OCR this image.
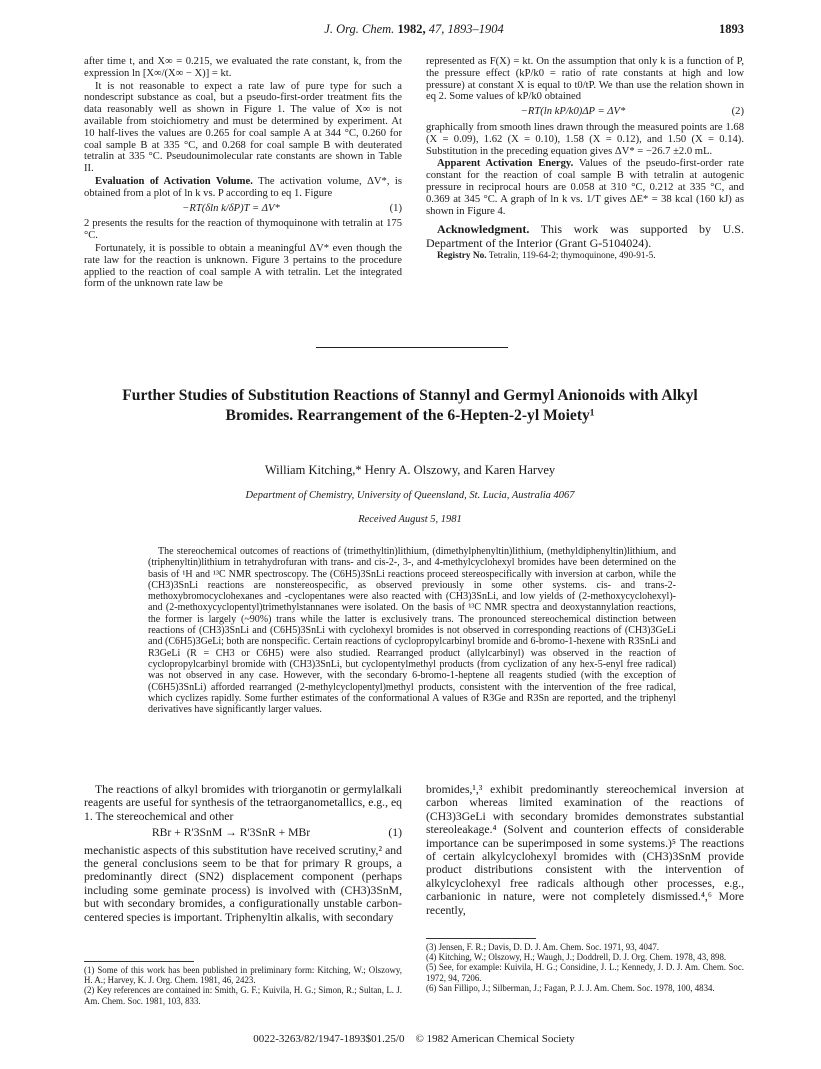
J. Org. Chem. 1982, 47, 1893–1904	1893

after time t, and X∞ = 0.215, we evaluated the rate constant, k, from the expression ln [X∞/(X∞ − X)] = kt.

It is not reasonable to expect a rate law of pure type for such a nondescript substance as coal, but a pseudo-first-order treatment fits the data reasonably well as shown in Figure 1. The value of X∞ is not available from stoichiometry and must be determined by experiment. At 10 half-lives the values are 0.265 for coal sample A at 344 °C, 0.260 for coal sample B at 335 °C, and 0.268 for coal sample B with deuterated tetralin at 335 °C. Pseudounimolecular rate constants are shown in Table II.

Evaluation of Activation Volume. The activation volume, ΔV*, is obtained from a plot of ln k vs. P according to eq 1. Figure

−RT(δln k/δP)T = ΔV*	(1)

2 presents the results for the reaction of thymoquinone with tetralin at 175 °C.

Fortunately, it is possible to obtain a meaningful ΔV* even though the rate law for the reaction is unknown. Figure 3 pertains to the procedure applied to the reaction of coal sample A with tetralin. Let the integrated form of the unknown rate law be

represented as F(X) = kt. On the assumption that only k is a function of P, the pressure effect (kP/k0 = ratio of rate constants at high and low pressure) at constant X is equal to t0/tP. We than use the relation shown in eq 2. Some values of kP/k0 obtained

−RT(ln kP/k0)ΔP = ΔV*	(2)

graphically from smooth lines drawn through the measured points are 1.68 (X = 0.09), 1.62 (X = 0.10), 1.58 (X = 0.12), and 1.50 (X = 0.14). Substitution in the preceding equation gives ΔV* = −26.7 ±2.0 mL.

Apparent Activation Energy. Values of the pseudo-first-order rate constant for the reaction of coal sample B with tetralin at autogenic pressure in reciprocal hours are 0.058 at 310 °C, 0.212 at 335 °C, and 0.369 at 345 °C. A graph of ln k vs. 1/T gives ΔE* = 38 kcal (160 kJ) as shown in Figure 4.

Acknowledgment. This work was supported by U.S. Department of the Interior (Grant G-5104024).

Registry No. Tetralin, 119-64-2; thymoquinone, 490-91-5.

Further Studies of Substitution Reactions of Stannyl and Germyl Anionoids with Alkyl Bromides. Rearrangement of the 6-Hepten-2-yl Moiety¹
William Kitching,* Henry A. Olszowy, and Karen Harvey
Department of Chemistry, University of Queensland, St. Lucia, Australia 4067
Received August 5, 1981
The stereochemical outcomes of reactions of (trimethyltin)lithium, (dimethylphenyltin)lithium, (methyldiphenyltin)lithium, and (triphenyltin)lithium in tetrahydrofuran with trans- and cis-2-, 3-, and 4-methylcyclohexyl bromides have been determined on the basis of ¹H and ¹³C NMR spectroscopy. The (C6H5)3SnLi reactions proceed stereospecifically with inversion at carbon, while the (CH3)3SnLi reactions are nonstereospecific, as observed previously in some other systems. cis- and trans-2-methoxybromocyclohexanes and -cyclopentanes were also reacted with (CH3)3SnLi, and low yields of (2-methoxycyclohexyl)- and (2-methoxycyclopentyl)trimethylstannanes were isolated. On the basis of ¹³C NMR spectra and deoxystannylation reactions, the former is largely (~90%) trans while the latter is exclusively trans. The pronounced stereochemical distinction between reactions of (CH3)3SnLi and (C6H5)3SnLi with cyclohexyl bromides is not observed in corresponding reactions of (CH3)3GeLi and (C6H5)3GeLi; both are nonspecific. Certain reactions of cyclopropylcarbinyl bromide and 6-bromo-1-hexene with R3SnLi and R3GeLi (R = CH3 or C6H5) were also studied. Rearranged product (allylcarbinyl) was observed in the reaction of cyclopropylcarbinyl bromide with (CH3)3SnLi, but cyclopentylmethyl products (from cyclization of any hex-5-enyl free radical) was not observed in any case. However, with the secondary 6-bromo-1-heptene all reagents studied (with the exception of (C6H5)3SnLi) afforded rearranged (2-methylcyclopentyl)methyl products, consistent with the intervention of the free radical, which cyclizes rapidly. Some further estimates of the conformational A values of R3Ge and R3Sn are reported, and the triphenyl derivatives have significantly larger values.

The reactions of alkyl bromides with triorganotin or germylalkali reagents are useful for synthesis of the tetraorganometallics, e.g., eq 1. The stereochemical and other

RBr + R'3SnM → R'3SnR + MBr	(1)

mechanistic aspects of this substitution have received scrutiny,² and the general conclusions seem to be that for primary R groups, a predominantly direct (SN2) displacement component (perhaps including some geminate process) is involved with (CH3)3SnM, but with secondary bromides, a configurationally unstable carbon-centered species is important. Triphenyltin alkalis, with secondary

(1) Some of this work has been published in preliminary form: Kitching, W.; Olszowy, H. A.; Harvey, K. J. Org. Chem. 1981, 46, 2423.

(2) Key references are contained in: Smith, G. F.; Kuivila, H. G.; Simon, R.; Sultan, L. J. Am. Chem. Soc. 1981, 103, 833.

bromides,¹,³ exhibit predominantly stereochemical inversion at carbon whereas limited examination of the reactions of (CH3)3GeLi with secondary bromides demonstrates substantial stereoleakage.⁴ (Solvent and counterion effects of considerable importance can be superimposed in some systems.)⁵ The reactions of certain alkylcyclohexyl bromides with (CH3)3SnM provide product distributions consistent with the intervention of alkylcyclohexyl free radicals although other processes, e.g., carbanionic in nature, were not completely dismissed.⁴,⁶ More recently,

(3) Jensen, F. R.; Davis, D. D. J. Am. Chem. Soc. 1971, 93, 4047.

(4) Kitching, W.; Olszowy, H.; Waugh, J.; Doddrell, D. J. Org. Chem. 1978, 43, 898.

(5) See, for example: Kuivila, H. G.; Considine, J. L.; Kennedy, J. D. J. Am. Chem. Soc. 1972, 94, 7206.

(6) San Fillipo, J.; Silberman, J.; Fagan, P. J. J. Am. Chem. Soc. 1978, 100, 4834.

0022-3263/82/1947-1893$01.25/0 © 1982 American Chemical Society
